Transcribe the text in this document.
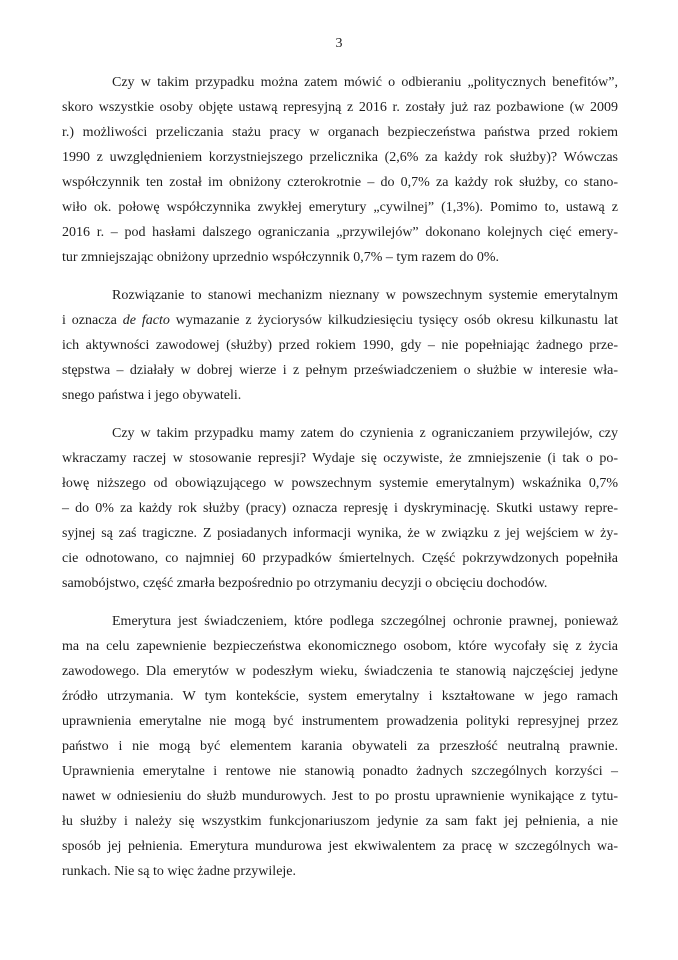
3
Czy w takim przypadku można zatem mówić o odbieraniu „politycznych benefitów”,
skoro wszystkie osoby objęte ustawą represyjną z 2016 r. zostały już raz pozbawione (w 2009
r.) możliwości przeliczania stażu pracy w organach bezpieczeństwa państwa przed rokiem
1990 z uwzględnieniem korzystniejszego przelicznika (2,6% za każdy rok służby)? Wówczas
współczynnik ten został im obniżony czterokrotnie – do 0,7% za każdy rok służby, co stano-
wiło ok. połowę współczynnika zwykłej emerytury „cywilnej” (1,3%). Pomimo to, ustawą z
2016 r. – pod hasłami dalszego ograniczania „przywilejów” dokonano kolejnych cięć emery-
tur zmniejszając obniżony uprzednio współczynnik 0,7% – tym razem do 0%.
Rozwiązanie to stanowi mechanizm nieznany w powszechnym systemie emerytalnym
i oznacza de facto wymazanie z życiorysów kilkudziesięciu tysięcy osób okresu kilkunastu lat
ich aktywności zawodowej (służby) przed rokiem 1990, gdy – nie popełniając żadnego prze-
stępstwa – działały w dobrej wierze i z pełnym przeświadczeniem o służbie w interesie wła-
snego państwa i jego obywateli.
Czy w takim przypadku mamy zatem do czynienia z ograniczaniem przywilejów, czy
wkraczamy raczej w stosowanie represji? Wydaje się oczywiste, że zmniejszenie (i tak o po-
łowę niższego od obowiązującego w powszechnym systemie emerytalnym) wskaźnika 0,7%
– do 0% za każdy rok służby (pracy) oznacza represję i dyskryminację. Skutki ustawy repre-
syjnej są zaś tragiczne. Z posiadanych informacji wynika, że w związku z jej wejściem w ży-
cie odnotowano, co najmniej 60 przypadków śmiertelnych. Część pokrzywdzonych popełniła
samobójstwo, część zmarła bezpośrednio po otrzymaniu decyzji o obcięciu dochodów.
Emerytura jest świadczeniem, które podlega szczególnej ochronie prawnej, ponieważ
ma na celu zapewnienie bezpieczeństwa ekonomicznego osobom, które wycofały się z życia
zawodowego. Dla emerytów w podeszłym wieku, świadczenia te stanowią najczęściej jedyne
źródło utrzymania. W tym kontekście, system emerytalny i kształtowane w jego ramach
uprawnienia emerytalne nie mogą być instrumentem prowadzenia polityki represyjnej przez
państwo i nie mogą być elementem karania obywateli za przeszłość neutralną prawnie.
Uprawnienia emerytalne i rentowe nie stanowią ponadto żadnych szczególnych korzyści –
nawet w odniesieniu do służb mundurowych. Jest to po prostu uprawnienie wynikające z tytu-
łu służby i należy się wszystkim funkcjonariuszom jedynie za sam fakt jej pełnienia, a nie
sposób jej pełnienia. Emerytura mundurowa jest ekwiwalentem za pracę w szczególnych wa-
runkach. Nie są to więc żadne przywileje.
